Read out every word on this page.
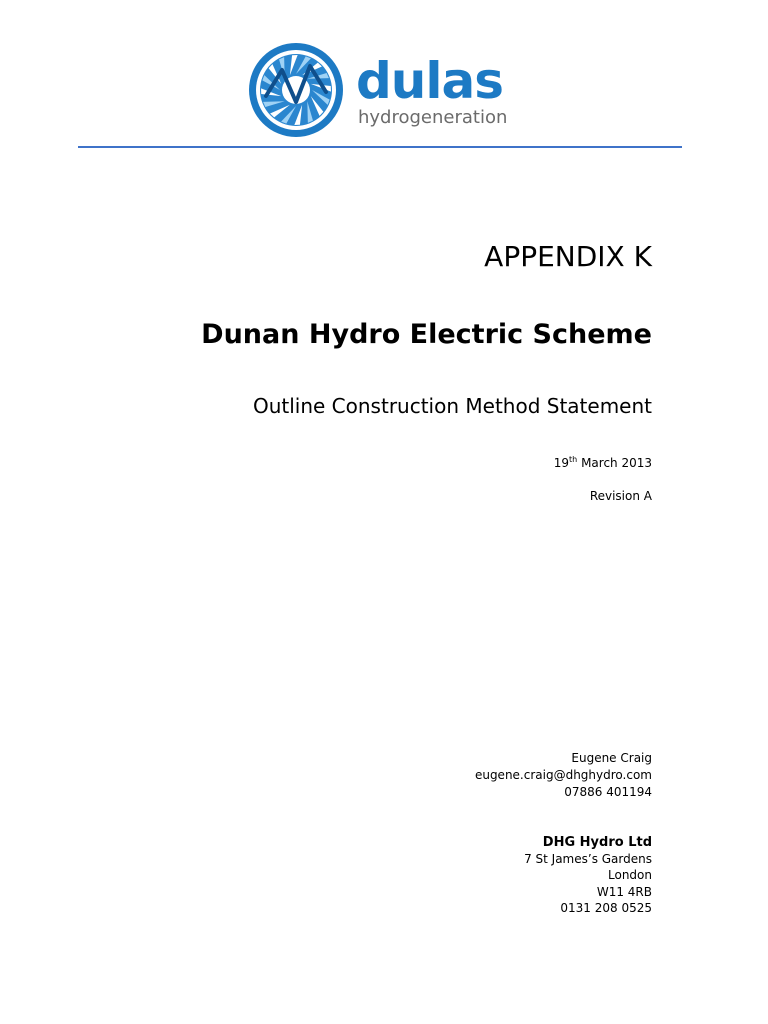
dulas
hydrogeneration
APPENDIX K
Dunan Hydro Electric Scheme
Outline Construction Method Statement
19th March 2013
Revision A
Eugene Craig
eugene.craig@dhghydro.com
07886 401194
DHG Hydro Ltd
7 St James’s Gardens
London
W11 4RB
0131 208 0525
